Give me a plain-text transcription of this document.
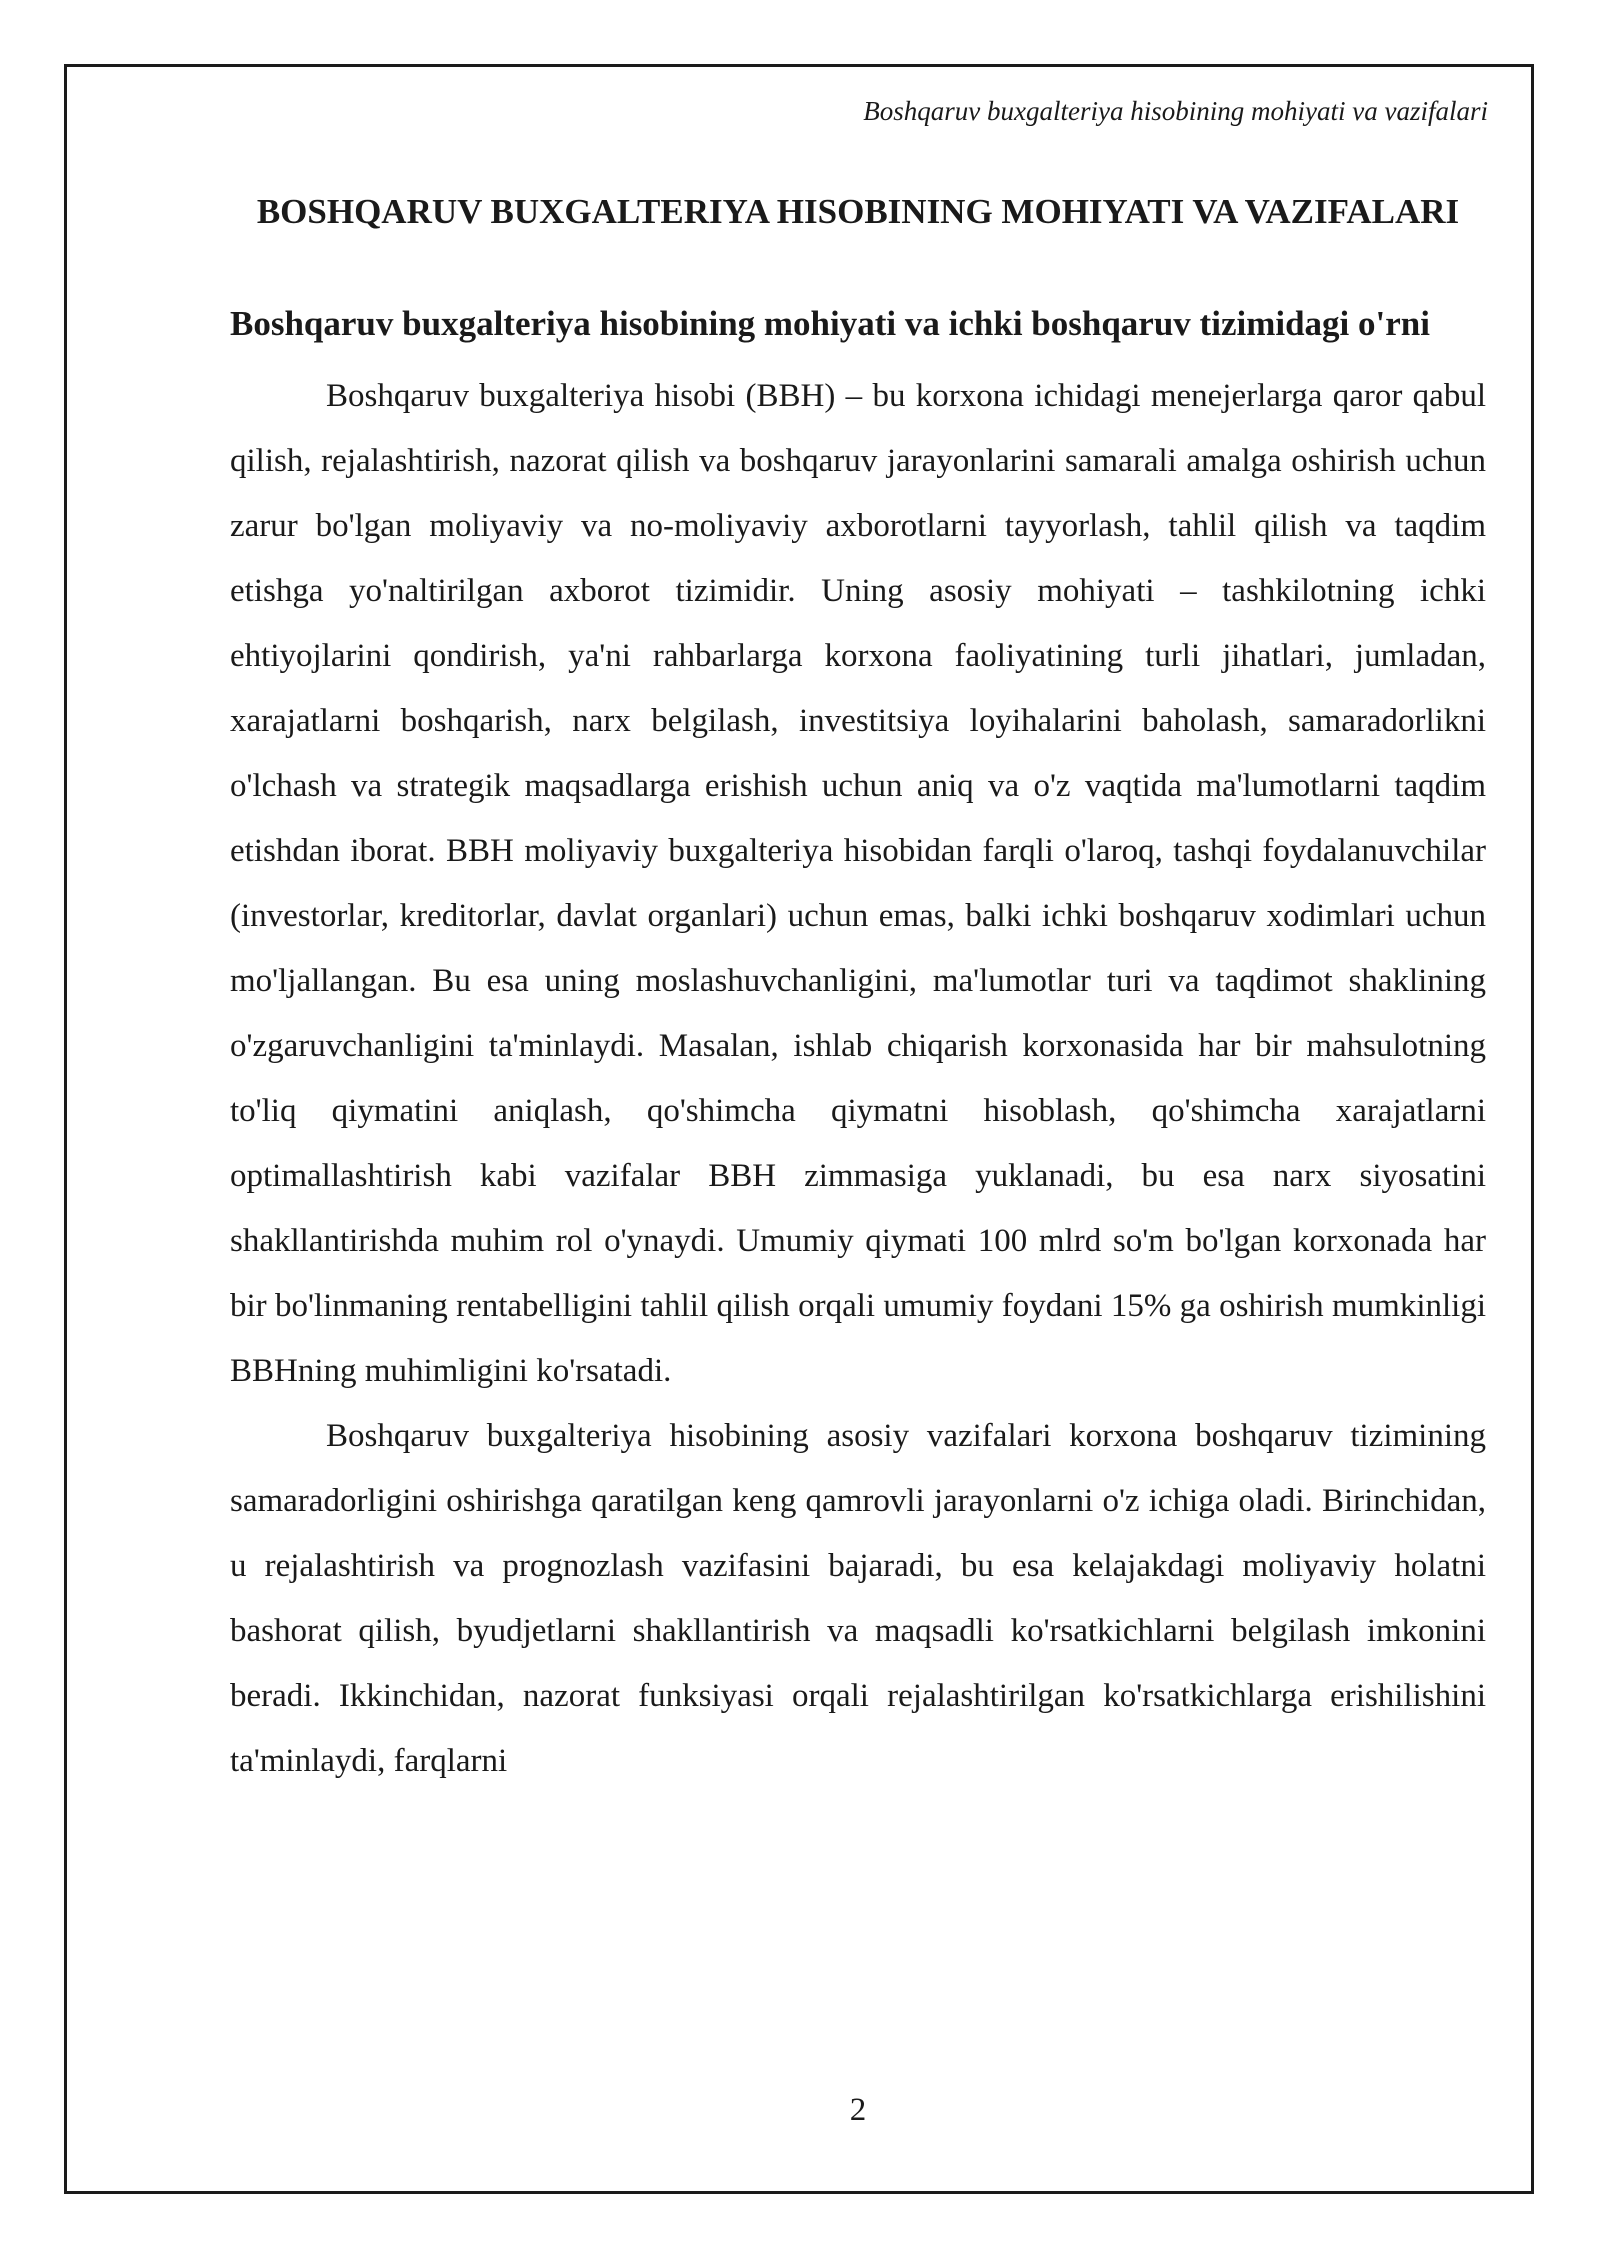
Boshqaruv buxgalteriya hisobining mohiyati va vazifalari
BOSHQARUV BUXGALTERIYA HISOBINING MOHIYATI VA VAZIFALARI
Boshqaruv buxgalteriya hisobining mohiyati va ichki boshqaruv tizimidagi o'rni

Boshqaruv buxgalteriya hisobi (BBH) – bu korxona ichidagi menejerlarga qaror qabul qilish, rejalashtirish, nazorat qilish va boshqaruv jarayonlarini samarali amalga oshirish uchun zarur bo'lgan moliyaviy va no-moliyaviy axborotlarni tayyorlash, tahlil qilish va taqdim etishga yo'naltirilgan axborot tizimidir. Uning asosiy mohiyati – tashkilotning ichki ehtiyojlarini qondirish, ya'ni rahbarlarga korxona faoliyatining turli jihatlari, jumladan, xarajatlarni boshqarish, narx belgilash, investitsiya loyihalarini baholash, samaradorlikni o'lchash va strategik maqsadlarga erishish uchun aniq va o'z vaqtida ma'lumotlarni taqdim etishdan iborat. BBH moliyaviy buxgalteriya hisobidan farqli o'laroq, tashqi foydalanuvchilar (investorlar, kreditorlar, davlat organlari) uchun emas, balki ichki boshqaruv xodimlari uchun mo'ljallangan. Bu esa uning moslashuvchanligini, ma'lumotlar turi va taqdimot shaklining o'zgaruvchanligini ta'minlaydi. Masalan, ishlab chiqarish korxonasida har bir mahsulotning to'liq qiymatini aniqlash, qo'shimcha qiymatni hisoblash, qo'shimcha xarajatlarni optimallashtirish kabi vazifalar BBH zimmasiga yuklanadi, bu esa narx siyosatini shakllantirishda muhim rol o'ynaydi. Umumiy qiymati 100 mlrd so'm bo'lgan korxonada har bir bo'linmaning rentabelligini tahlil qilish orqali umumiy foydani 15% ga oshirish mumkinligi BBHning muhimligini ko'rsatadi.

Boshqaruv buxgalteriya hisobining asosiy vazifalari korxona boshqaruv tizimining samaradorligini oshirishga qaratilgan keng qamrovli jarayonlarni o'z ichiga oladi. Birinchidan, u rejalashtirish va prognozlash vazifasini bajaradi, bu esa kelajakdagi moliyaviy holatni bashorat qilish, byudjetlarni shakllantirish va maqsadli ko'rsatkichlarni belgilash imkonini beradi. Ikkinchidan, nazorat funksiyasi orqali rejalashtirilgan ko'rsatkichlarga erishilishini ta'minlaydi, farqlarni

2
